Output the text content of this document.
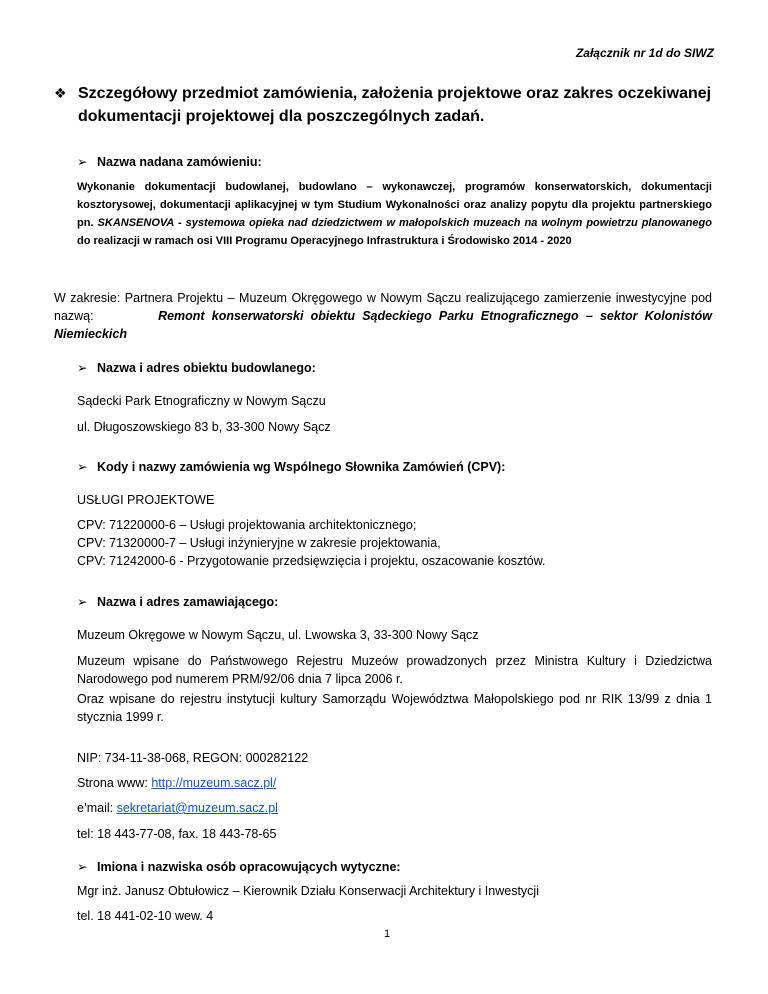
Załącznik nr 1d do SIWZ
❖ Szczegółowy przedmiot zamówienia, założenia projektowe oraz zakres oczekiwanej dokumentacji projektowej dla poszczególnych zadań.
➢ Nazwa nadana zamówieniu:
Wykonanie dokumentacji budowlanej, budowlano – wykonawczej, programów konserwatorskich, dokumentacji kosztorysowej, dokumentacji aplikacyjnej w tym Studium Wykonalności oraz analizy popytu dla projektu partnerskiego pn. SKANSENOVA - systemowa opieka nad dziedzictwem w małopolskich muzeach na wolnym powietrzu planowanego do realizacji w ramach osi VIII Programu Operacyjnego Infrastruktura i Środowisko 2014 - 2020
W zakresie: Partnera Projektu – Muzeum Okręgowego w Nowym Sączu realizującego zamierzenie inwestycyjne pod nazwą:	Remont konserwatorski obiektu Sądeckiego Parku Etnograficznego – sektor Kolonistów Niemieckich
➢ Nazwa i adres obiektu budowlanego:
Sądecki Park Etnograficzny w Nowym Sączu
ul. Długoszowskiego 83 b, 33-300 Nowy Sącz
➢ Kody i nazwy zamówienia wg Wspólnego Słownika Zamówień (CPV):
USŁUGI PROJEKTOWE
CPV: 71220000-6 – Usługi projektowania architektonicznego;
CPV: 71320000-7 – Usługi inżynieryjne w zakresie projektowania,
CPV: 71242000-6 - Przygotowanie przedsięwzięcia i projektu, oszacowanie kosztów.
➢ Nazwa i adres zamawiającego:
Muzeum Okręgowe w Nowym Sączu, ul. Lwowska 3, 33-300 Nowy Sącz
Muzeum wpisane do Państwowego Rejestru Muzeów prowadzonych przez Ministra Kultury i Dziedzictwa Narodowego pod numerem PRM/92/06 dnia 7 lipca 2006 r.
Oraz wpisane do rejestru instytucji kultury Samorządu Województwa Małopolskiego pod nr RIK 13/99 z dnia 1 stycznia 1999 r.
NIP: 734-11-38-068, REGON: 000282122
Strona www: http://muzeum.sacz.pl/
e’mail: sekretariat@muzeum.sacz.pl
tel: 18 443-77-08, fax. 18 443-78-65
➢ Imiona i nazwiska osób opracowujących wytyczne:
Mgr inż. Janusz Obtułowicz – Kierownik Działu Konserwacji Architektury i Inwestycji
tel. 18 441-02-10 wew. 4
1
